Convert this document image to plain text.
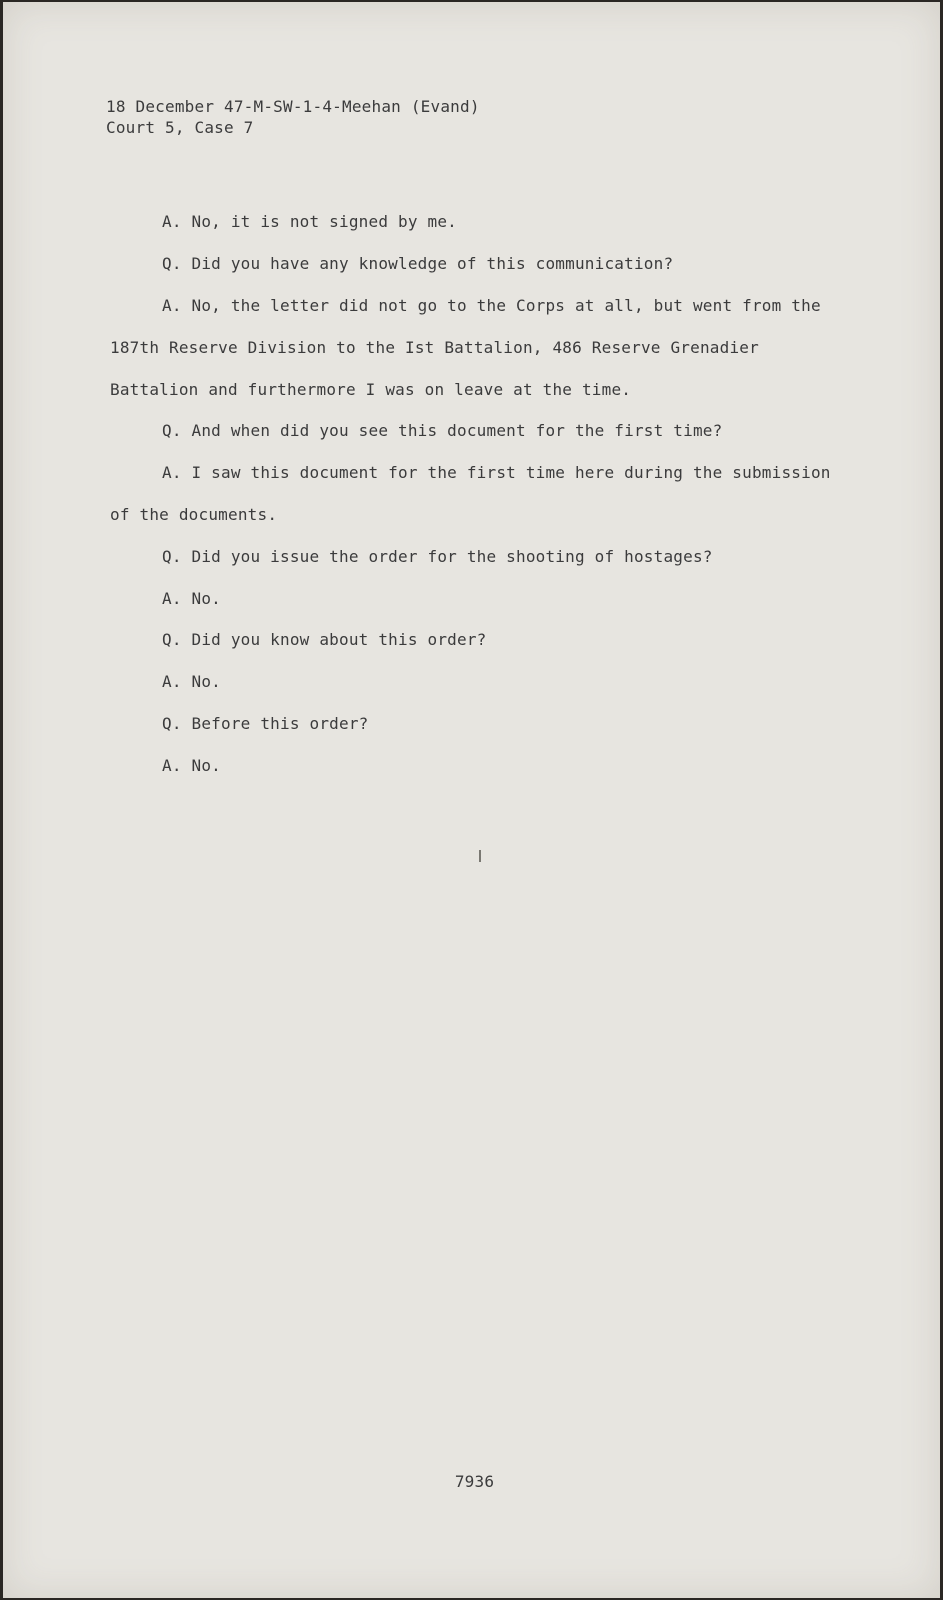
18 December 47-M-SW-1-4-Meehan (Evand)
Court 5, Case 7
A. No, it is not signed by me.
Q. Did you have any knowledge of this communication?
A. No, the letter did not go to the Corps at all, but went from the
187th Reserve Division to the Ist Battalion, 486 Reserve Grenadier
Battalion and furthermore I was on leave at the time.
Q. And when did you see this document for the first time?
A. I saw this document for the first time here during the submission
of the documents.
Q. Did you issue the order for the shooting of hostages?
A. No.
Q. Did you know about this order?
A. No.
Q. Before this order?
A. No.
7936
